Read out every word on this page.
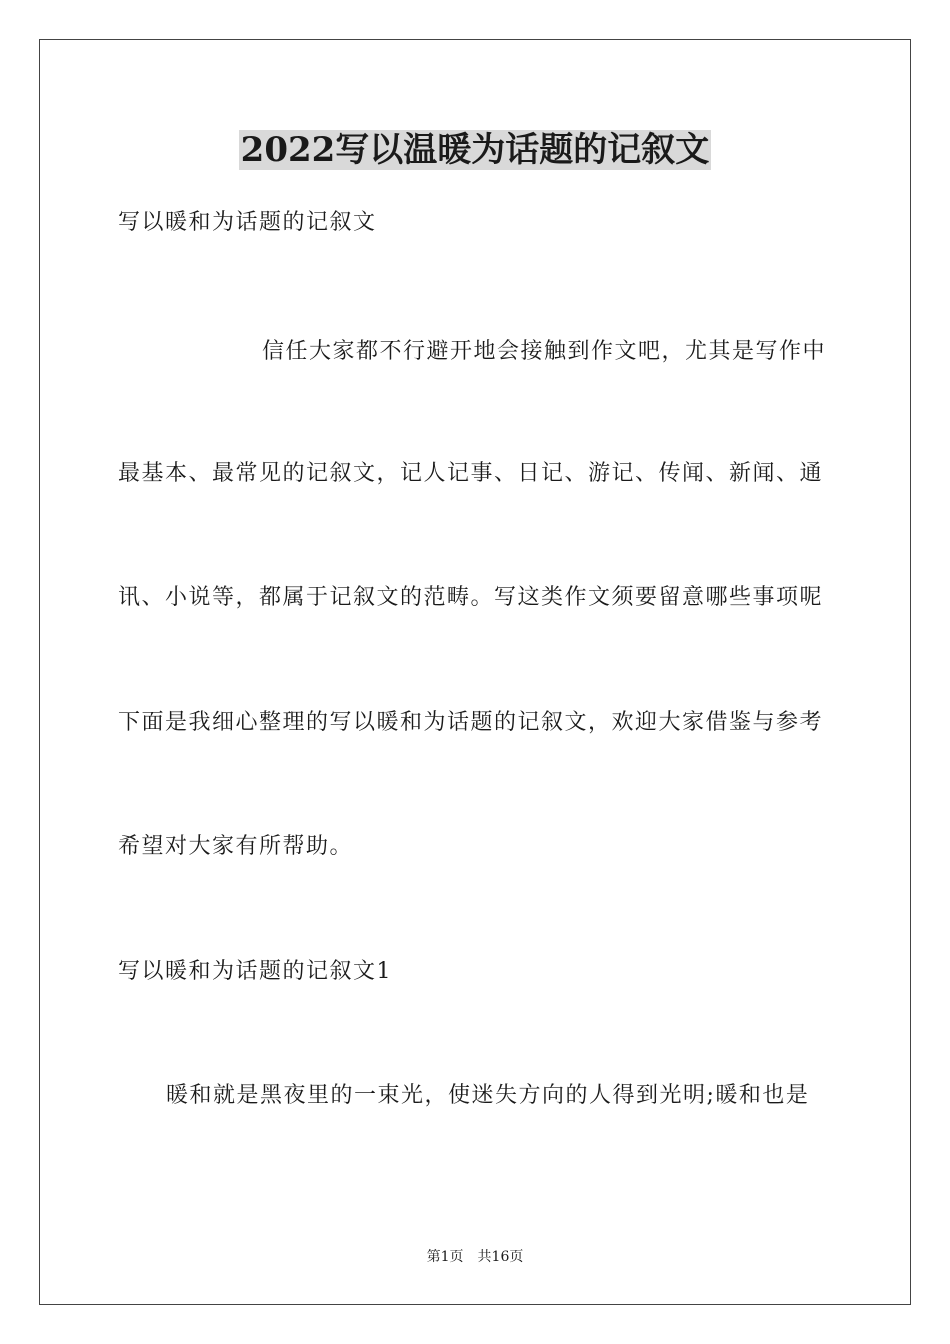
2022写以温暖为话题的记叙文
写以暖和为话题的记叙文
信任大家都不行避开地会接触到作文吧，尤其是写作中
最基本、最常见的记叙文，记人记事、日记、游记、传闻、新闻、通
讯、小说等，都属于记叙文的范畴。写这类作文须要留意哪些事项呢
下面是我细心整理的写以暖和为话题的记叙文，欢迎大家借鉴与参考
希望对大家有所帮助。
写以暖和为话题的记叙文1
暖和就是黑夜里的一束光，使迷失方向的人得到光明;暖和也是
第1页　共16页
